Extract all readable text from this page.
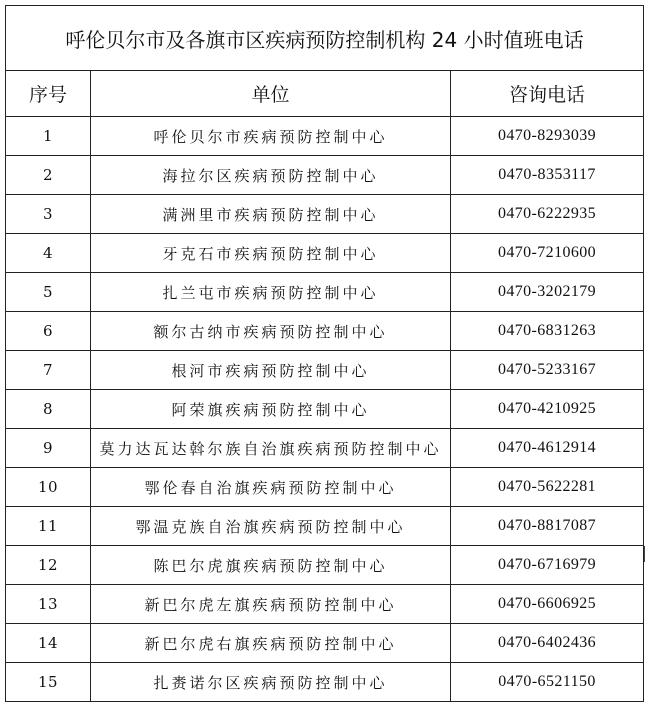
呼伦贝尔市及各旗市区疾病预防控制机构 24 小时值班电话		
序号	单位	咨询电话
1	呼伦贝尔市疾病预防控制中心	0470-8293039
2	海拉尔区疾病预防控制中心	0470-8353117
3	满洲里市疾病预防控制中心	0470-6222935
4	牙克石市疾病预防控制中心	0470-7210600
5	扎兰屯市疾病预防控制中心	0470-3202179
6	额尔古纳市疾病预防控制中心	0470-6831263
7	根河市疾病预防控制中心	0470-5233167
8	阿荣旗疾病预防控制中心	0470-4210925
9	莫力达瓦达斡尔族自治旗疾病预防控制中心	0470-4612914
10	鄂伦春自治旗疾病预防控制中心	0470-5622281
11	鄂温克族自治旗疾病预防控制中心	0470-8817087
12	陈巴尔虎旗疾病预防控制中心	0470-6716979
13	新巴尔虎左旗疾病预防控制中心	0470-6606925
14	新巴尔虎右旗疾病预防控制中心	0470-6402436
15	扎赉诺尔区疾病预防控制中心	0470-6521150
